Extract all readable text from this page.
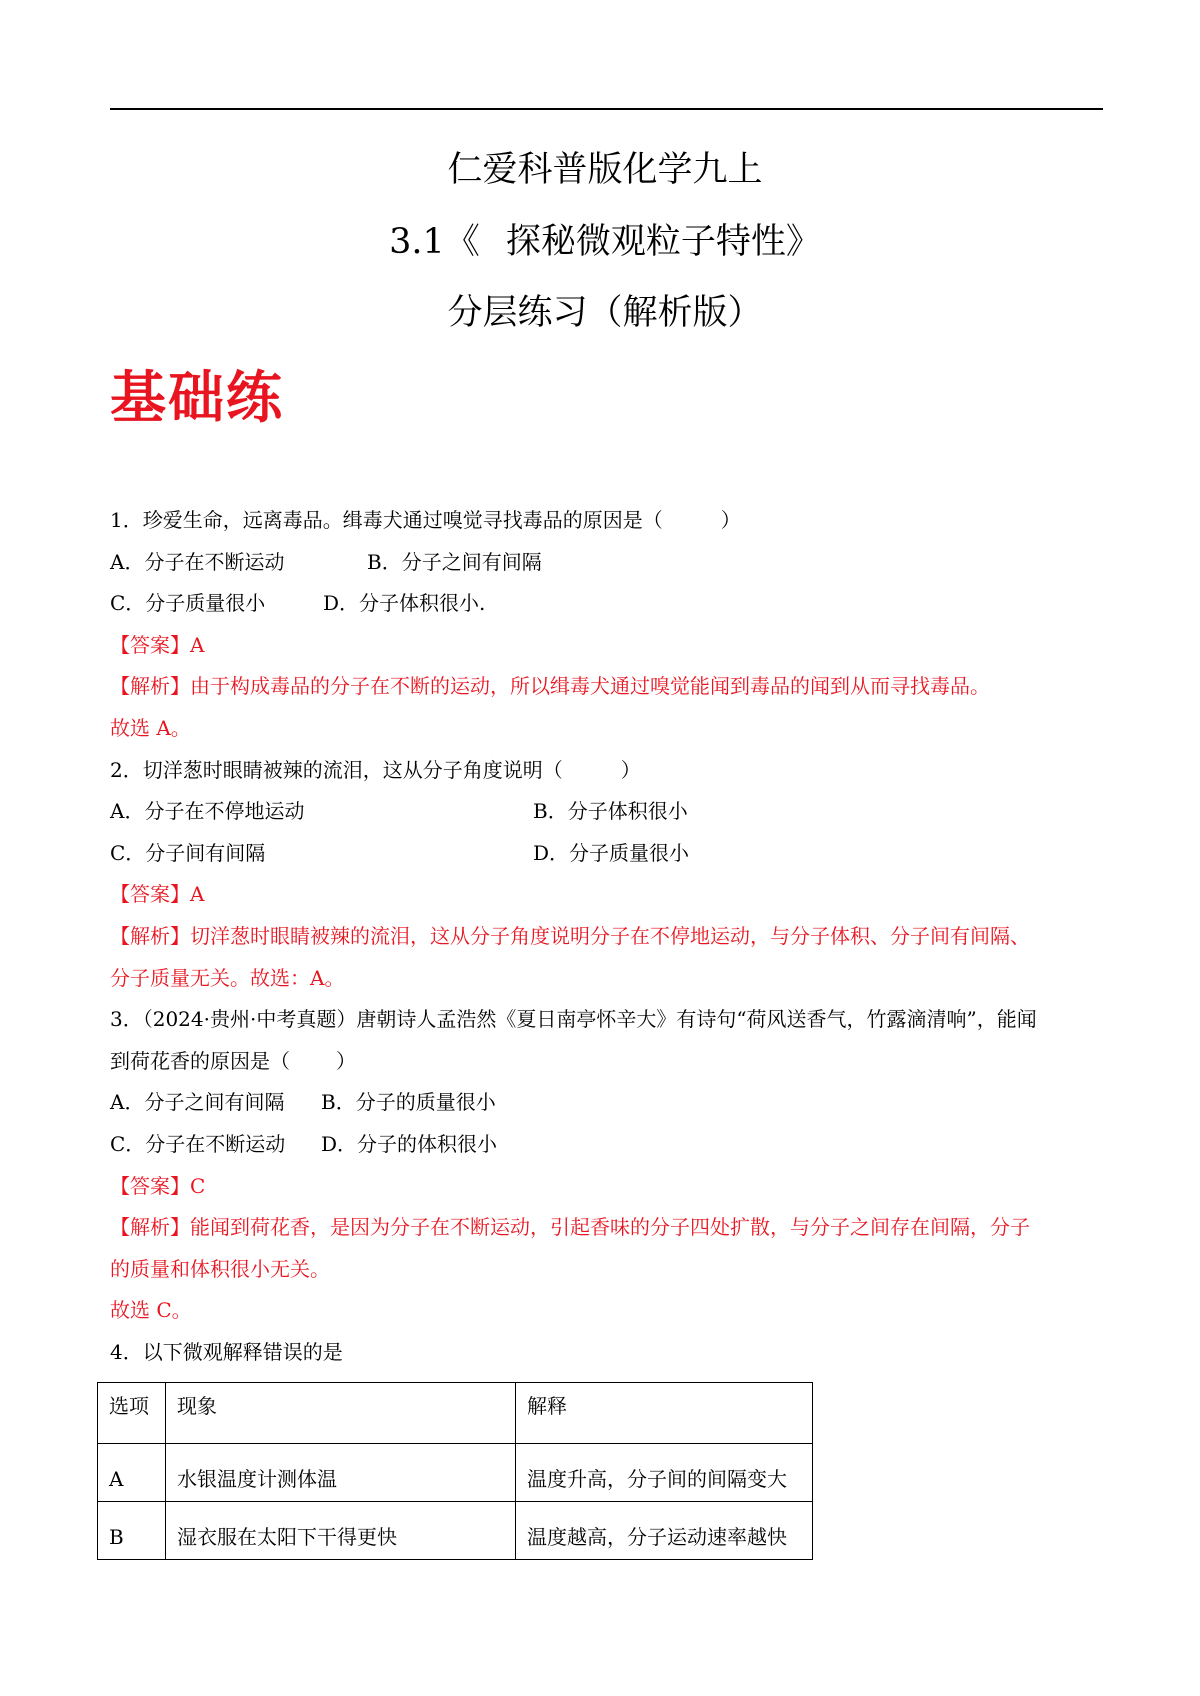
仁爱科普版化学九上
3.1《 探秘微观粒子特性》
分层练习（解析版）
基础练
1．珍爱生命，远离毒品。缉毒犬通过嗅觉寻找毒品的原因是（	）
A．分子在不断运动	B．分子之间有间隔
C．分子质量很小	D．分子体积很小.
【答案】A
【解析】由于构成毒品的分子在不断的运动，所以缉毒犬通过嗅觉能闻到毒品的闻到从而寻找毒品。
故选 A。
2．切洋葱时眼睛被辣的流泪，这从分子角度说明（	）
A．分子在不停地运动	B．分子体积很小
C．分子间有间隔	D．分子质量很小
【答案】A
【解析】切洋葱时眼睛被辣的流泪，这从分子角度说明分子在不停地运动，与分子体积、分子间有间隔、
分子质量无关。故选：A。
3．（2024·贵州·中考真题）唐朝诗人孟浩然《夏日南亭怀辛大》有诗句“荷风送香气，竹露滴清响”，能闻
到荷花香的原因是（ ）
A．分子之间有间隔 B．分子的质量很小
C．分子在不断运动 D．分子的体积很小
【答案】C
【解析】能闻到荷花香，是因为分子在不断运动，引起香味的分子四处扩散，与分子之间存在间隔，分子
的质量和体积很小无关。
故选 C。
4．以下微观解释错误的是
选项	现象	解释
A	水银温度计测体温	温度升高，分子间的间隔变大
B	湿衣服在太阳下干得更快	温度越高，分子运动速率越快
